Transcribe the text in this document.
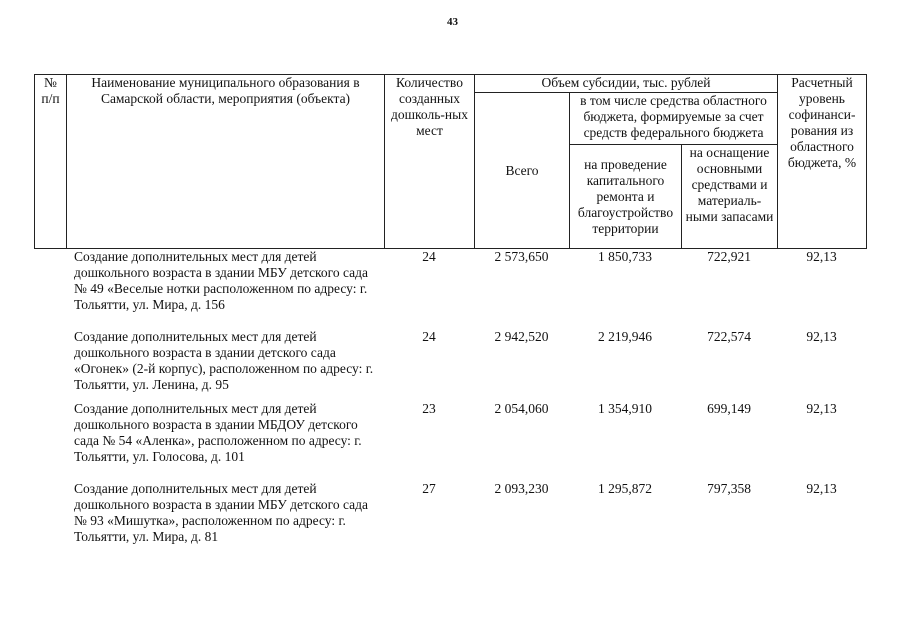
43
№ п/п	Наименование муниципального образования в Самарской области, мероприятия (объекта)	Количество созданных дошколь-ных мест	Объем субсидии, тыс. рублей			Расчетный уровень софинанси-рования из областного бюджета, %
			Всего	в том числе средства областного бюджета, формируемые за счет средств федерального бюджета		
				на проведение капитального ремонта и благоустройство территории	на оснащение основными средствами и материаль-ными запасами	
	Создание дополнительных мест для детей дошкольного возраста в здании МБУ детского сада № 49 «Веселые нотки расположенном по адресу: г. Тольятти, ул. Мира, д. 156	24	2 573,650	1 850,733	722,921	92,13
	Создание дополнительных мест для детей дошкольного возраста в здании детского сада «Огонек» (2-й корпус), расположенном по адресу: г. Тольятти, ул. Ленина, д. 95	24	2 942,520	2 219,946	722,574	92,13
	Создание дополнительных мест для детей дошкольного возраста в здании МБДОУ детского сада № 54 «Аленка», расположенном по адресу: г. Тольятти, ул. Голосова, д. 101	23	2 054,060	1 354,910	699,149	92,13
	Создание дополнительных мест для детей дошкольного возраста в здании МБУ детского сада № 93 «Мишутка», расположенном по адресу: г. Тольятти, ул. Мира, д. 81	27	2 093,230	1 295,872	797,358	92,13
